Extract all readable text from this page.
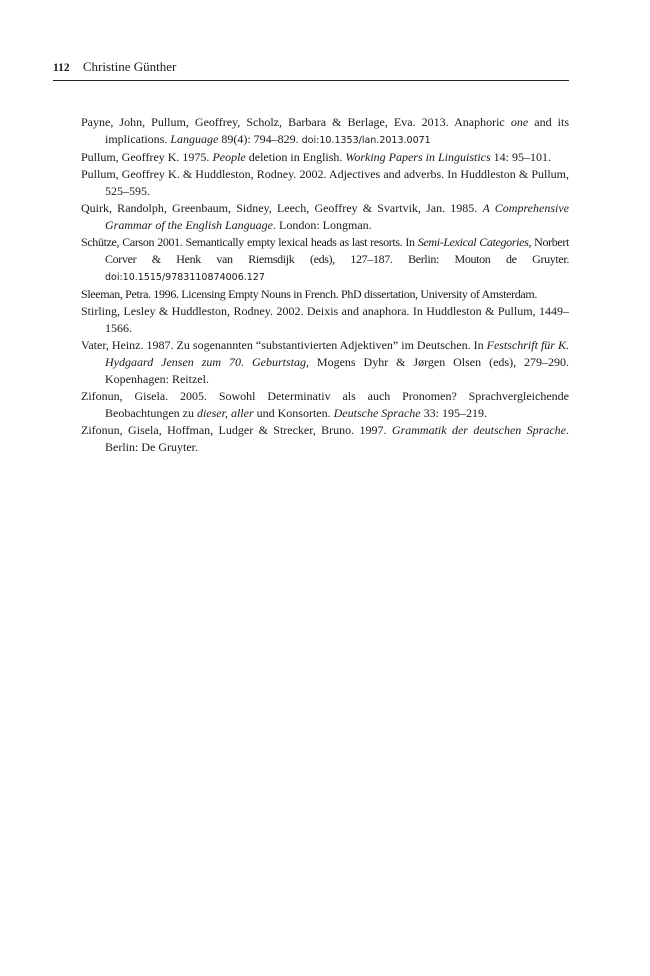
112 Christine Günther

Payne, John, Pullum, Geoffrey, Scholz, Barbara & Berlage, Eva. 2013. Anaphoric one and its implications. Language 89(4): 794–829. doi:10.1353/lan.2013.0071

Pullum, Geoffrey K. 1975. People deletion in English. Working Papers in Linguistics 14: 95–101.

Pullum, Geoffrey K. & Huddleston, Rodney. 2002. Adjectives and adverbs. In Huddleston & Pullum, 525–595.

Quirk, Randolph, Greenbaum, Sidney, Leech, Geoffrey & Svartvik, Jan. 1985. A Comprehensive Grammar of the English Language. London: Longman.

Schütze, Carson 2001. Semantically empty lexical heads as last resorts. In Semi-Lexical Categories, Norbert Corver & Henk van Riemsdijk (eds), 127–187. Berlin: Mouton de Gruyter. doi:10.1515/9783110874006.127

Sleeman, Petra. 1996. Licensing Empty Nouns in French. PhD dissertation, University of Amsterdam.

Stirling, Lesley & Huddleston, Rodney. 2002. Deixis and anaphora. In Huddleston & Pullum, 1449–1566.

Vater, Heinz. 1987. Zu sogenannten “substantivierten Adjektiven” im Deutschen. In Festschrift für K. Hydgaard Jensen zum 70. Geburtstag, Mogens Dyhr & Jørgen Olsen (eds), 279–290. Kopenhagen: Reitzel.

Zifonun, Gisela. 2005. Sowohl Determinativ als auch Pronomen? Sprachvergleichende Beobachtungen zu dieser, aller und Konsorten. Deutsche Sprache 33: 195–219.

Zifonun, Gisela, Hoffman, Ludger & Strecker, Bruno. 1997. Grammatik der deutschen Sprache. Berlin: De Gruyter.
